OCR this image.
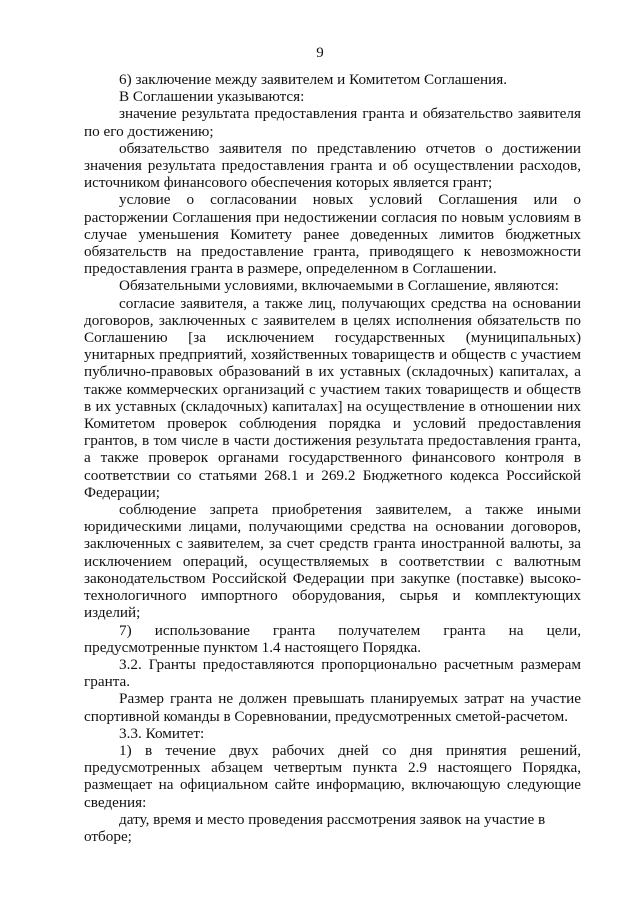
9

6) заключение между заявителем и Комитетом Соглашения.

В Соглашении указываются:

значение результата предоставления гранта и обязательство заявителя по его достижению;

обязательство заявителя по представлению отчетов о достижении значения результата предоставления гранта и об осуществлении расходов, источником финансового обеспечения которых является грант;

условие о согласовании новых условий Соглашения или о расторжении Соглашения при недостижении согласия по новым условиям в случае уменьшения Комитету ранее доведенных лимитов бюджетных обязательств на предоставление гранта, приводящего к невозможности предоставления гранта в размере, определенном в Соглашении.

Обязательными условиями, включаемыми в Соглашение, являются:

согласие заявителя, а также лиц, получающих средства на основании договоров, заключенных с заявителем в целях исполнения обязательств по Соглашению [за исключением государственных (муниципальных) унитарных предприятий, хозяйственных товариществ и обществ с участием публично-правовых образований в их уставных (складочных) капиталах, а также коммерческих организаций с участием таких товариществ и обществ в их уставных (складочных) капиталах] на осуществление в отношении них Комитетом проверок соблюдения порядка и условий предоставления грантов, в том числе в части достижения результата предоставления гранта, а также проверок органами государственного финансового контроля в соответствии со статьями 268.1 и 269.2 Бюджетного кодекса Российской Федерации;

соблюдение запрета приобретения заявителем, а также иными юридическими лицами, получающими средства на основании договоров, заключенных с заявителем, за счет средств гранта иностранной валюты, за исключением операций, осуществляемых в соответствии с валютным законодательством Российской Федерации при закупке (поставке) высокотехнологичного импортного оборудования, сырья и комплектующих изделий;

7) использование гранта получателем гранта на цели, предусмотренные пунктом 1.4 настоящего Порядка.

3.2. Гранты предоставляются пропорционально расчетным размерам гранта.

Размер гранта не должен превышать планируемых затрат на участие спортивной команды в Соревновании, предусмотренных сметой-расчетом.

3.3. Комитет:

1) в течение двух рабочих дней со дня принятия решений, предусмотренных абзацем четвертым пункта 2.9 настоящего Порядка, размещает на официальном сайте информацию, включающую следующие сведения:

дату, время и место проведения рассмотрения заявок на участие в отборе;
